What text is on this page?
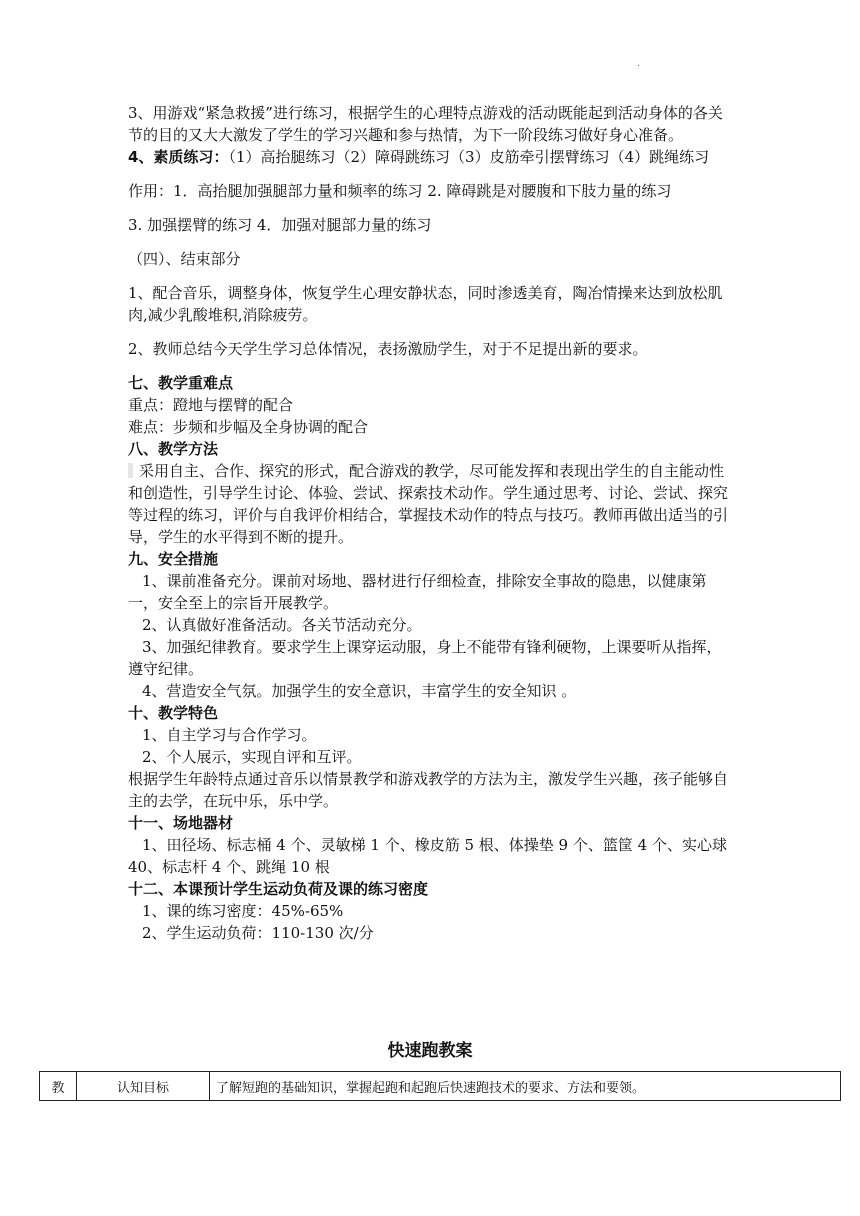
.

3、用游戏“紧急救援”进行练习，根据学生的心理特点游戏的活动既能起到活动身体的各关节的目的又大大激发了学生的学习兴趣和参与热情，为下一阶段练习做好身心准备。

4、素质练习：（1）高抬腿练习（2）障碍跳练习（3）皮筋牵引摆臂练习（4）跳绳练习

作用：1．高抬腿加强腿部力量和频率的练习 2. 障碍跳是对腰腹和下肢力量的练习

3. 加强摆臂的练习 4．加强对腿部力量的练习

（四）、结束部分

1、配合音乐，调整身体，恢复学生心理安静状态，同时渗透美育，陶冶情操来达到放松肌肉,减少乳酸堆积,消除疲劳。

2、教师总结今天学生学习总体情况，表扬激励学生，对于不足提出新的要求。

七、教学重难点

重点：蹬地与摆臂的配合

难点：步频和步幅及全身协调的配合

八、教学方法

采用自主、合作、探究的形式，配合游戏的教学，尽可能发挥和表现出学生的自主能动性和创造性，引导学生讨论、体验、尝试、探索技术动作。学生通过思考、讨论、尝试、探究等过程的练习，评价与自我评价相结合，掌握技术动作的特点与技巧。教师再做出适当的引导，学生的水平得到不断的提升。

九、安全措施

1、课前准备充分。课前对场地、器材进行仔细检查，排除安全事故的隐患，以健康第一，安全至上的宗旨开展教学。

2、认真做好准备活动。各关节活动充分。

3、加强纪律教育。要求学生上课穿运动服，身上不能带有锋利硬物，上课要听从指挥，遵守纪律。

4、营造安全气氛。加强学生的安全意识，丰富学生的安全知识 。

十、教学特色

1、自主学习与合作学习。

2、个人展示，实现自评和互评。

根据学生年龄特点通过音乐以情景教学和游戏教学的方法为主，激发学生兴趣，孩子能够自主的去学，在玩中乐，乐中学。

十一、场地器材

1、田径场、标志桶 4 个、灵敏梯 1 个、橡皮筋 5 根、体操垫 9 个、篮筐 4 个、实心球 40、标志杆 4 个、跳绳 10 根

十二、本课预计学生运动负荷及课的练习密度

1、课的练习密度：45%-65%

2、学生运动负荷：110-130 次/分

快速跑教案
教	认知目标	了解短跑的基础知识，掌握起跑和起跑后快速跑技术的要求、方法和要领。
